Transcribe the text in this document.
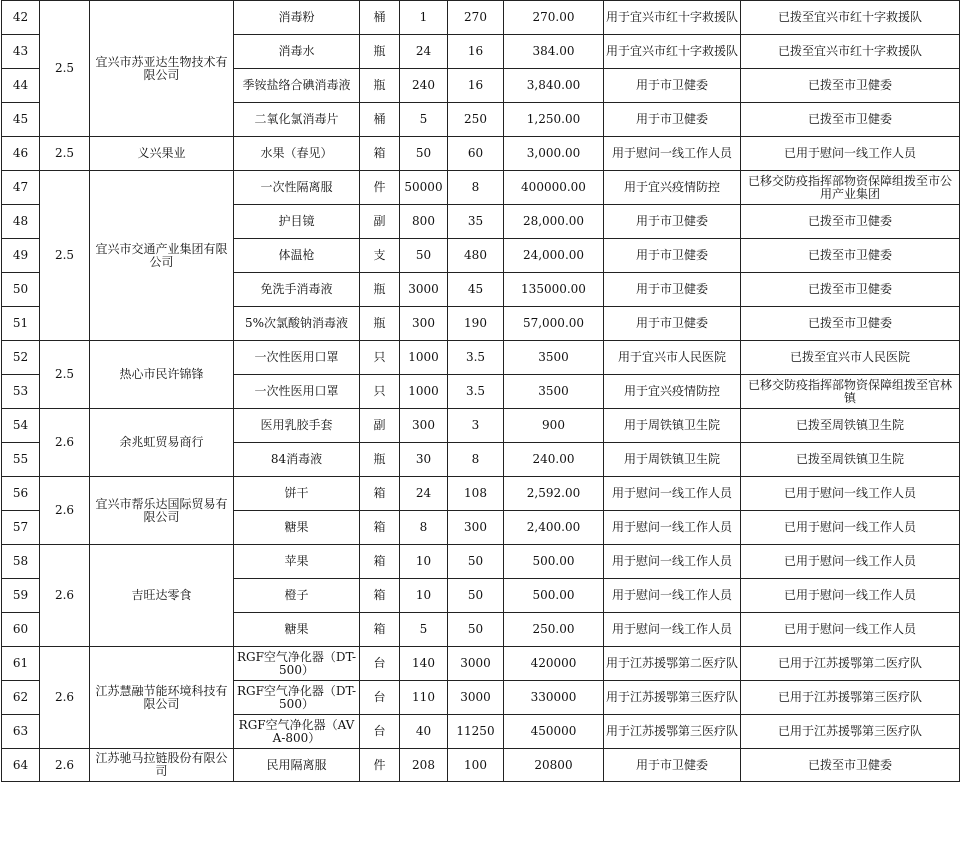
42	2.5	宜兴市苏亚达生物技术有限公司	消毒粉	桶	1	270	270.00	用于宜兴市红十字救援队	已拨至宜兴市红十字救援队
43			消毒水	瓶	24	16	384.00	用于宜兴市红十字救援队	已拨至宜兴市红十字救援队
44			季铵盐络合碘消毒液	瓶	240	16	3,840.00	用于市卫健委	已拨至市卫健委
45			二氧化氯消毒片	桶	5	250	1,250.00	用于市卫健委	已拨至市卫健委
46	2.5	义兴果业	水果（春见）	箱	50	60	3,000.00	用于慰问一线工作人员	已用于慰问一线工作人员
47	2.5	宜兴市交通产业集团有限公司	一次性隔离服	件	50000	8	400000.00	用于宜兴疫情防控	已移交防疫指挥部物资保障组拨至市公用产业集团
48			护目镜	副	800	35	28,000.00	用于市卫健委	已拨至市卫健委
49			体温枪	支	50	480	24,000.00	用于市卫健委	已拨至市卫健委
50			免洗手消毒液	瓶	3000	45	135000.00	用于市卫健委	已拨至市卫健委
51			5%次氯酸钠消毒液	瓶	300	190	57,000.00	用于市卫健委	已拨至市卫健委
52	2.5	热心市民许锦锋	一次性医用口罩	只	1000	3.5	3500	用于宜兴市人民医院	已拨至宜兴市人民医院
53			一次性医用口罩	只	1000	3.5	3500	用于宜兴疫情防控	已移交防疫指挥部物资保障组拨至官林镇
54	2.6	余兆虹贸易商行	医用乳胶手套	副	300	3	900	用于周铁镇卫生院	已拨至周铁镇卫生院
55			84消毒液	瓶	30	8	240.00	用于周铁镇卫生院	已拨至周铁镇卫生院
56	2.6	宜兴市帮乐达国际贸易有限公司	饼干	箱	24	108	2,592.00	用于慰问一线工作人员	已用于慰问一线工作人员
57			糖果	箱	8	300	2,400.00	用于慰问一线工作人员	已用于慰问一线工作人员
58	2.6	吉旺达零食	苹果	箱	10	50	500.00	用于慰问一线工作人员	已用于慰问一线工作人员
59			橙子	箱	10	50	500.00	用于慰问一线工作人员	已用于慰问一线工作人员
60			糖果	箱	5	50	250.00	用于慰问一线工作人员	已用于慰问一线工作人员
61	2.6	江苏慧融节能环境科技有限公司	RGF空气净化器（DT-500）	台	140	3000	420000	用于江苏援鄂第二医疗队	已用于江苏援鄂第二医疗队
62			RGF空气净化器（DT-500）	台	110	3000	330000	用于江苏援鄂第三医疗队	已用于江苏援鄂第三医疗队
63			RGF空气净化器（AVA-800）	台	40	11250	450000	用于江苏援鄂第三医疗队	已用于江苏援鄂第三医疗队
64	2.6	江苏驰马拉链股份有限公司	民用隔离服	件	208	100	20800	用于市卫健委	已拨至市卫健委
